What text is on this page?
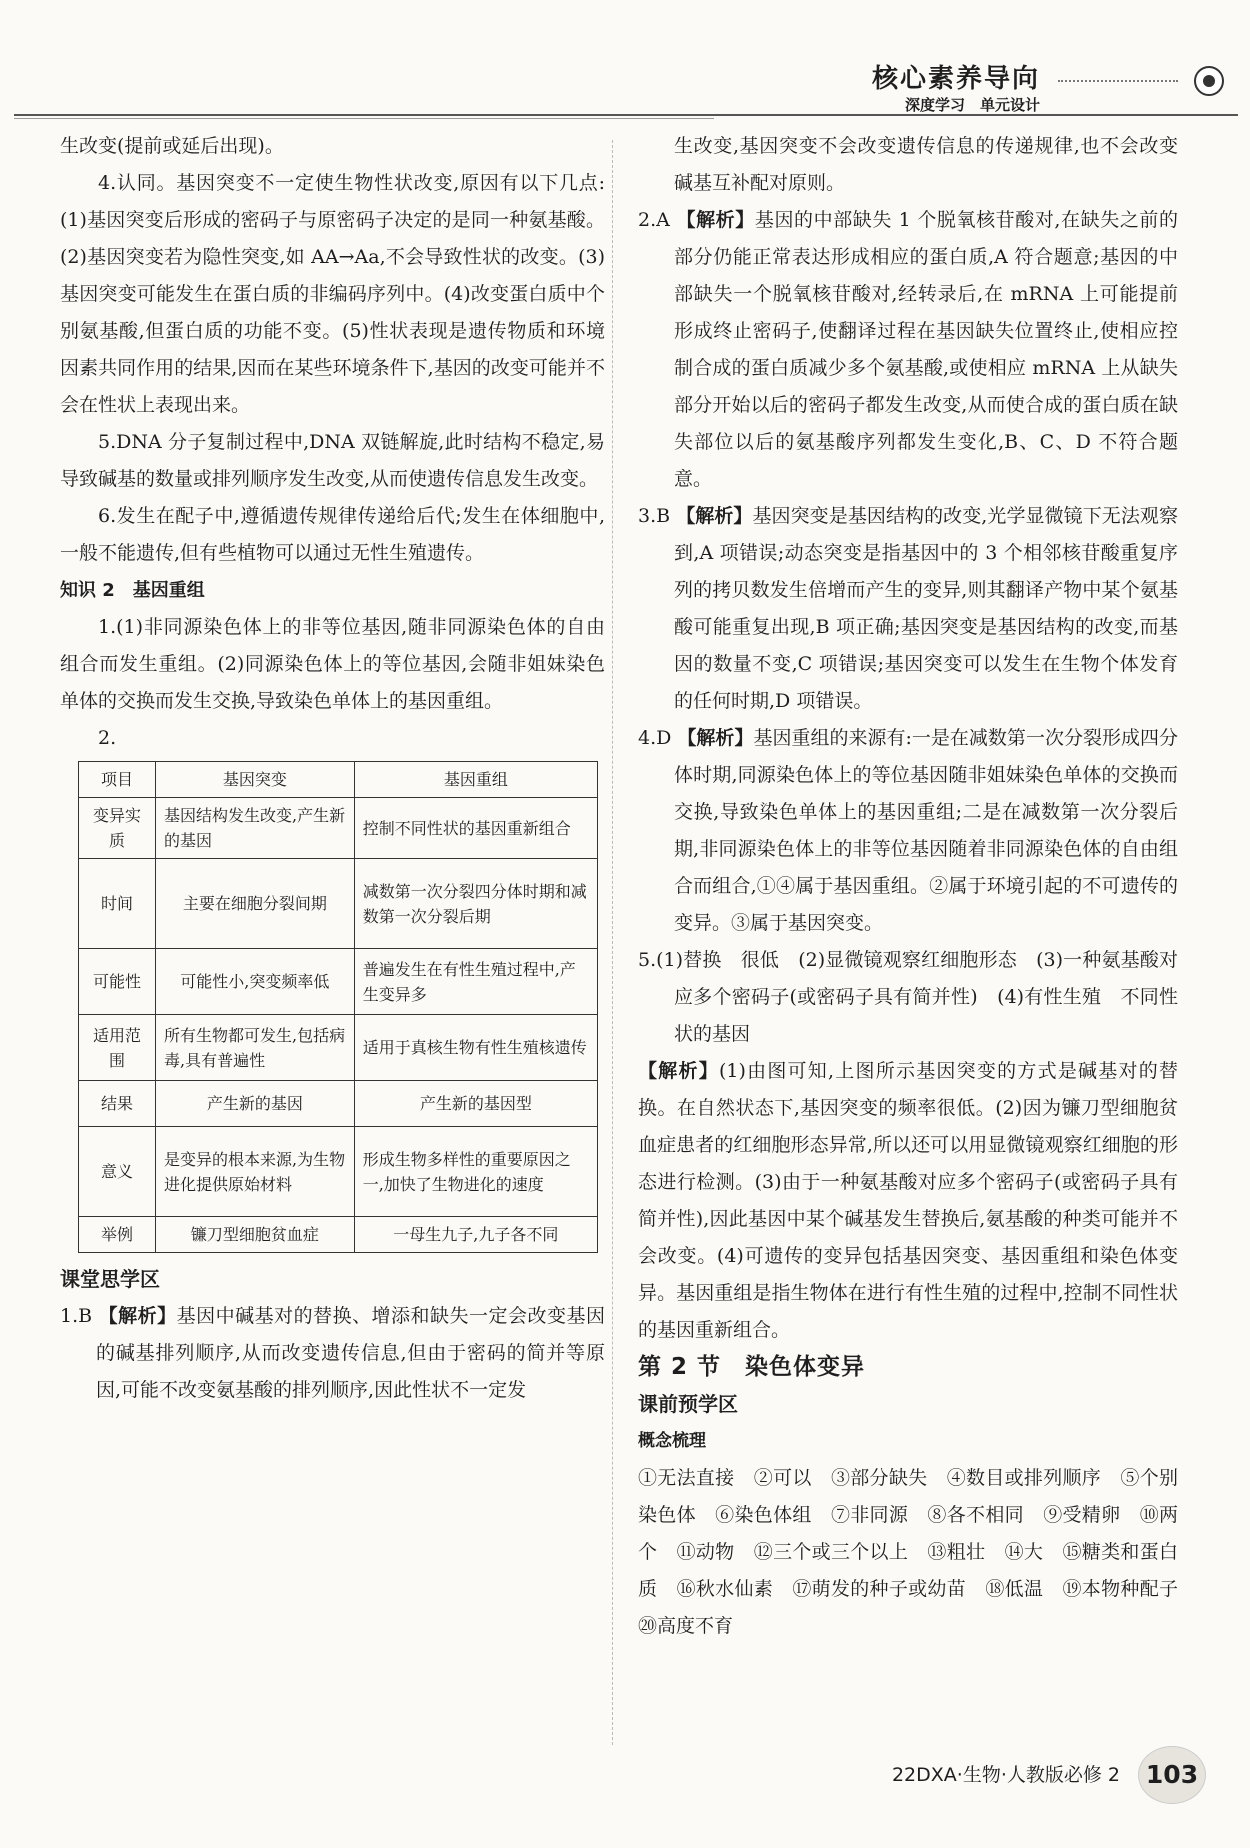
核心素养导向
深度学习　单元设计

生改变(提前或延后出现)。

4.认同。基因突变不一定使生物性状改变,原因有以下几点:(1)基因突变后形成的密码子与原密码子决定的是同一种氨基酸。(2)基因突变若为隐性突变,如 AA→Aa,不会导致性状的改变。(3)基因突变可能发生在蛋白质的非编码序列中。(4)改变蛋白质中个别氨基酸,但蛋白质的功能不变。(5)性状表现是遗传物质和环境因素共同作用的结果,因而在某些环境条件下,基因的改变可能并不会在性状上表现出来。

5.DNA 分子复制过程中,DNA 双链解旋,此时结构不稳定,易导致碱基的数量或排列顺序发生改变,从而使遗传信息发生改变。

6.发生在配子中,遵循遗传规律传递给后代;发生在体细胞中,一般不能遗传,但有些植物可以通过无性生殖遗传。

知识 2　基因重组

1.(1)非同源染色体上的非等位基因,随非同源染色体的自由组合而发生重组。(2)同源染色体上的等位基因,会随非姐妹染色单体的交换而发生交换,导致染色单体上的基因重组。

2.

项目	基因突变	基因重组
变异实质	基因结构发生改变,产生新的基因	控制不同性状的基因重新组合
时间	主要在细胞分裂间期	减数第一次分裂四分体时期和减数第一次分裂后期
可能性	可能性小,突变频率低	普遍发生在有性生殖过程中,产生变异多
适用范围	所有生物都可发生,包括病毒,具有普遍性	适用于真核生物有性生殖核遗传
结果	产生新的基因	产生新的基因型
意义	是变异的根本来源,为生物进化提供原始材料	形成生物多样性的重要原因之一,加快了生物进化的速度
举例	镰刀型细胞贫血症	一母生九子,九子各不同

课堂思学区

1.B 【解析】基因中碱基对的替换、增添和缺失一定会改变基因的碱基排列顺序,从而改变遗传信息,但由于密码的简并等原因,可能不改变氨基酸的排列顺序,因此性状不一定发

生改变,基因突变不会改变遗传信息的传递规律,也不会改变碱基互补配对原则。

2.A 【解析】基因的中部缺失 1 个脱氧核苷酸对,在缺失之前的部分仍能正常表达形成相应的蛋白质,A 符合题意;基因的中部缺失一个脱氧核苷酸对,经转录后,在 mRNA 上可能提前形成终止密码子,使翻译过程在基因缺失位置终止,使相应控制合成的蛋白质减少多个氨基酸,或使相应 mRNA 上从缺失部分开始以后的密码子都发生改变,从而使合成的蛋白质在缺失部位以后的氨基酸序列都发生变化,B、C、D 不符合题意。

3.B 【解析】基因突变是基因结构的改变,光学显微镜下无法观察到,A 项错误;动态突变是指基因中的 3 个相邻核苷酸重复序列的拷贝数发生倍增而产生的变异,则其翻译产物中某个氨基酸可能重复出现,B 项正确;基因突变是基因结构的改变,而基因的数量不变,C 项错误;基因突变可以发生在生物个体发育的任何时期,D 项错误。

4.D 【解析】基因重组的来源有:一是在减数第一次分裂形成四分体时期,同源染色体上的等位基因随非姐妹染色单体的交换而交换,导致染色单体上的基因重组;二是在减数第一次分裂后期,非同源染色体上的非等位基因随着非同源染色体的自由组合而组合,①④属于基因重组。②属于环境引起的不可遗传的变异。③属于基因突变。

5.(1)替换　很低　(2)显微镜观察红细胞形态　(3)一种氨基酸对应多个密码子(或密码子具有简并性)　(4)有性生殖　不同性状的基因

【解析】(1)由图可知,上图所示基因突变的方式是碱基对的替换。在自然状态下,基因突变的频率很低。(2)因为镰刀型细胞贫血症患者的红细胞形态异常,所以还可以用显微镜观察红细胞的形态进行检测。(3)由于一种氨基酸对应多个密码子(或密码子具有简并性),因此基因中某个碱基发生替换后,氨基酸的种类可能并不会改变。(4)可遗传的变异包括基因突变、基因重组和染色体变异。基因重组是指生物体在进行有性生殖的过程中,控制不同性状的基因重新组合。

第 2 节　染色体变异

课前预学区

概念梳理

①无法直接　②可以　③部分缺失　④数目或排列顺序　⑤个别染色体　⑥染色体组　⑦非同源　⑧各不相同　⑨受精卵　⑩两个　⑪动物　⑫三个或三个以上　⑬粗壮　⑭大　⑮糖类和蛋白质　⑯秋水仙素　⑰萌发的种子或幼苗　⑱低温　⑲本物种配子　⑳高度不育

22DXA·生物·人教版必修 2	103
